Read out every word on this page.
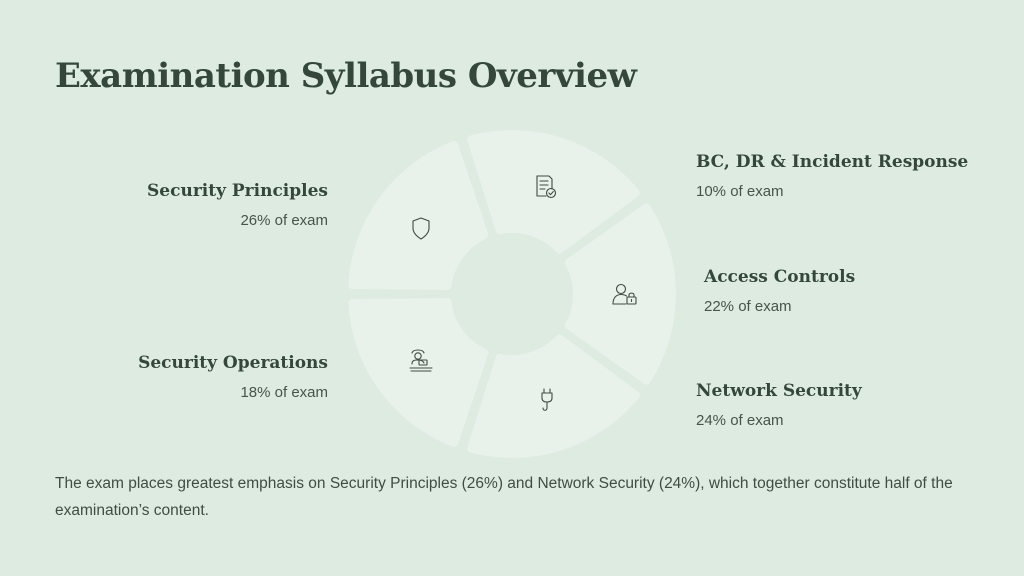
Examination Syllabus Overview
Security Principles
26% of exam
BC, DR & Incident Response
10% of exam
Access Controls
22% of exam
Network Security
24% of exam
Security Operations
18% of exam

The exam places greatest emphasis on Security Principles (26%) and Network Security (24%), which together constitute half of the examination’s content.
